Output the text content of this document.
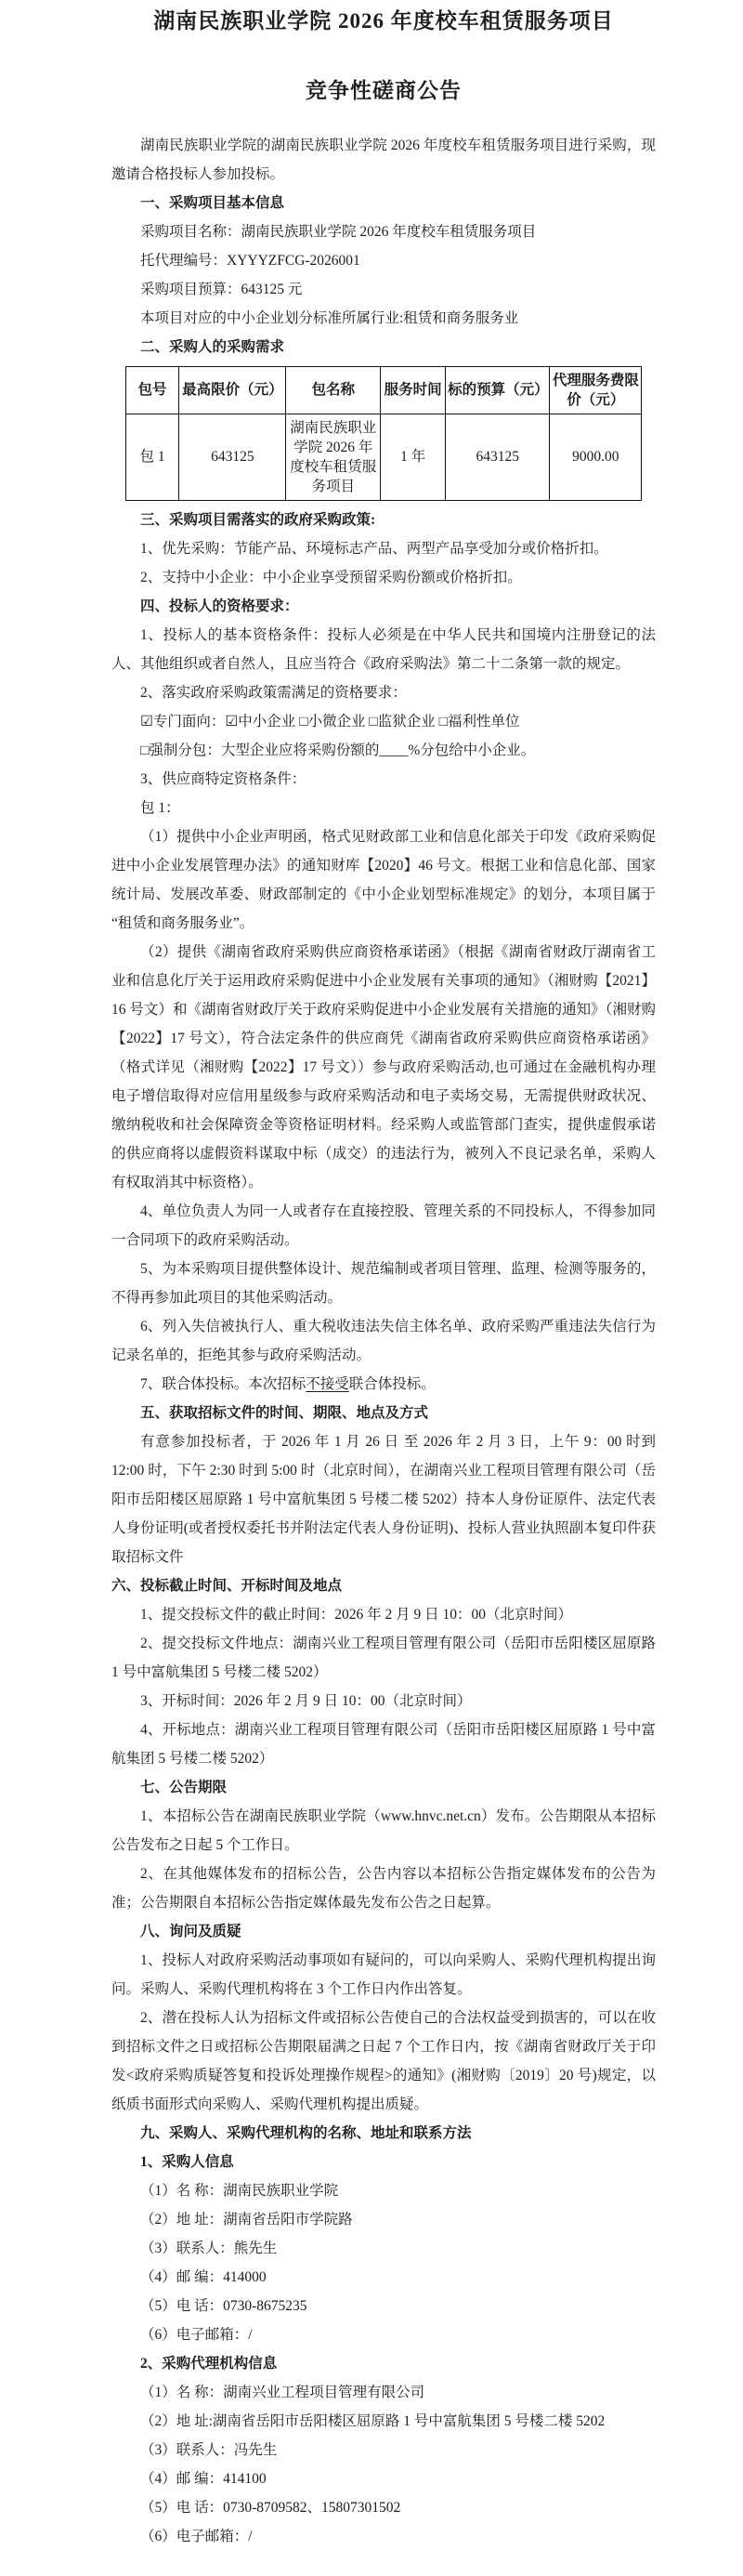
湖南民族职业学院 2026 年度校车租赁服务项目
竞争性磋商公告

湖南民族职业学院的湖南民族职业学院 2026 年度校车租赁服务项目进行采购，现邀请合格投标人参加投标。

一、采购项目基本信息

采购项目名称：湖南民族职业学院 2026 年度校车租赁服务项目

托代理编号：XYYYZFCG-2026001

采购项目预算：643125 元

本项目对应的中小企业划分标准所属行业:租赁和商务服务业

二、采购人的采购需求

包号	最高限价（元）	包名称	服务时间	标的预算（元）	代理服务费限价（元）
包 1	643125	湖南民族职业学院 2026 年度校车租赁服务项目	1 年	643125	9000.00

三、采购项目需落实的政府采购政策:

1、优先采购：节能产品、环境标志产品、两型产品享受加分或价格折扣。

2、支持中小企业：中小企业享受预留采购份额或价格折扣。

四、投标人的资格要求：

1、投标人的基本资格条件：投标人必须是在中华人民共和国境内注册登记的法人、其他组织或者自然人，且应当符合《政府采购法》第二十二条第一款的规定。

2、落实政府采购政策需满足的资格要求：

☑专门面向：☑中小企业 □小微企业 □监狱企业 □福利性单位

□强制分包：大型企业应将采购份额的____%分包给中小企业。

3、供应商特定资格条件：

包 1：

（1）提供中小企业声明函，格式见财政部工业和信息化部关于印发《政府采购促进中小企业发展管理办法》的通知财库【2020】46 号文。根据工业和信息化部、国家统计局、发展改革委、财政部制定的《中小企业划型标准规定》的划分，本项目属于“租赁和商务服务业”。

（2）提供《湖南省政府采购供应商资格承诺函》（根据《湖南省财政厅湖南省工业和信息化厅关于运用政府采购促进中小企业发展有关事项的通知》（湘财购【2021】16 号文）和《湖南省财政厅关于政府采购促进中小企业发展有关措施的通知》（湘财购【2022】17 号文），符合法定条件的供应商凭《湖南省政府采购供应商资格承诺函》（格式详见（湘财购【2022】17 号文））参与政府采购活动,也可通过在金融机构办理电子增信取得对应信用星级参与政府采购活动和电子卖场交易，无需提供财政状况、缴纳税收和社会保障资金等资格证明材料。经采购人或监管部门查实，提供虚假承诺的供应商将以虚假资料谋取中标（成交）的违法行为，被列入不良记录名单，采购人有权取消其中标资格）。

4、单位负责人为同一人或者存在直接控股、管理关系的不同投标人，不得参加同一合同项下的政府采购活动。

5、为本采购项目提供整体设计、规范编制或者项目管理、监理、检测等服务的，不得再参加此项目的其他采购活动。

6、列入失信被执行人、重大税收违法失信主体名单、政府采购严重违法失信行为记录名单的，拒绝其参与政府采购活动。

7、联合体投标。本次招标不接受联合体投标。

五、获取招标文件的时间、期限、地点及方式

有意参加投标者，于 2026 年 1 月 26 日 至 2026 年 2 月 3 日，上午 9：00 时到 12:00 时，下午 2:30 时到 5:00 时（北京时间），在湖南兴业工程项目管理有限公司（岳阳市岳阳楼区屈原路 1 号中富航集团 5 号楼二楼 5202）持本人身份证原件、法定代表人身份证明(或者授权委托书并附法定代表人身份证明)、投标人营业执照副本复印件获取招标文件

六、投标截止时间、开标时间及地点

1、提交投标文件的截止时间：2026 年 2 月 9 日 10：00（北京时间）

2、提交投标文件地点：湖南兴业工程项目管理有限公司（岳阳市岳阳楼区屈原路 1 号中富航集团 5 号楼二楼 5202）

3、开标时间：2026 年 2 月 9 日 10：00（北京时间）

4、开标地点：湖南兴业工程项目管理有限公司（岳阳市岳阳楼区屈原路 1 号中富航集团 5 号楼二楼 5202）

七、公告期限

1、本招标公告在湖南民族职业学院（www.hnvc.net.cn）发布。公告期限从本招标公告发布之日起 5 个工作日。

2、在其他媒体发布的招标公告，公告内容以本招标公告指定媒体发布的公告为准；公告期限自本招标公告指定媒体最先发布公告之日起算。

八、询问及质疑

1、投标人对政府采购活动事项如有疑问的，可以向采购人、采购代理机构提出询问。采购人、采购代理机构将在 3 个工作日内作出答复。

2、潜在投标人认为招标文件或招标公告使自己的合法权益受到损害的，可以在收到招标文件之日或招标公告期限届满之日起 7 个工作日内，按《湖南省财政厅关于印发<政府采购质疑答复和投诉处理操作规程>的通知》(湘财购〔2019〕20 号)规定，以纸质书面形式向采购人、采购代理机构提出质疑。

九、采购人、采购代理机构的名称、地址和联系方法

1、采购人信息

（1）名 称：湖南民族职业学院

（2）地 址：湖南省岳阳市学院路

（3）联系人：熊先生

（4）邮 编：414000

（5）电 话：0730-8675235

（6）电子邮箱：/

2、采购代理机构信息

（1）名 称：湖南兴业工程项目管理有限公司

（2）地 址:湖南省岳阳市岳阳楼区屈原路 1 号中富航集团 5 号楼二楼 5202

（3）联系人：冯先生

（4）邮 编：414100

（5）电 话：0730-8709582、15807301502

（6）电子邮箱：/
